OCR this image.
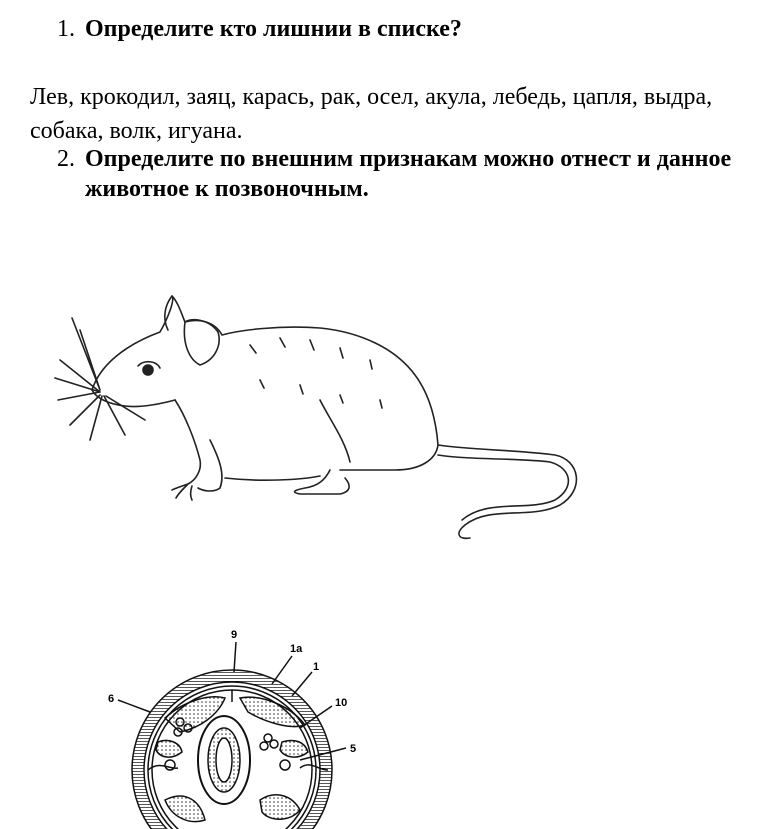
1. Определите кто лишнии в списке?
Лев, крокодил, заяц, карась, рак, осел, акула, лебедь, цапля, выдра, собака, волк, игуана.
2. Определите по внешним признакам можно отнест и данное животное к позвоночным.
9
1а
1
6	10
5
